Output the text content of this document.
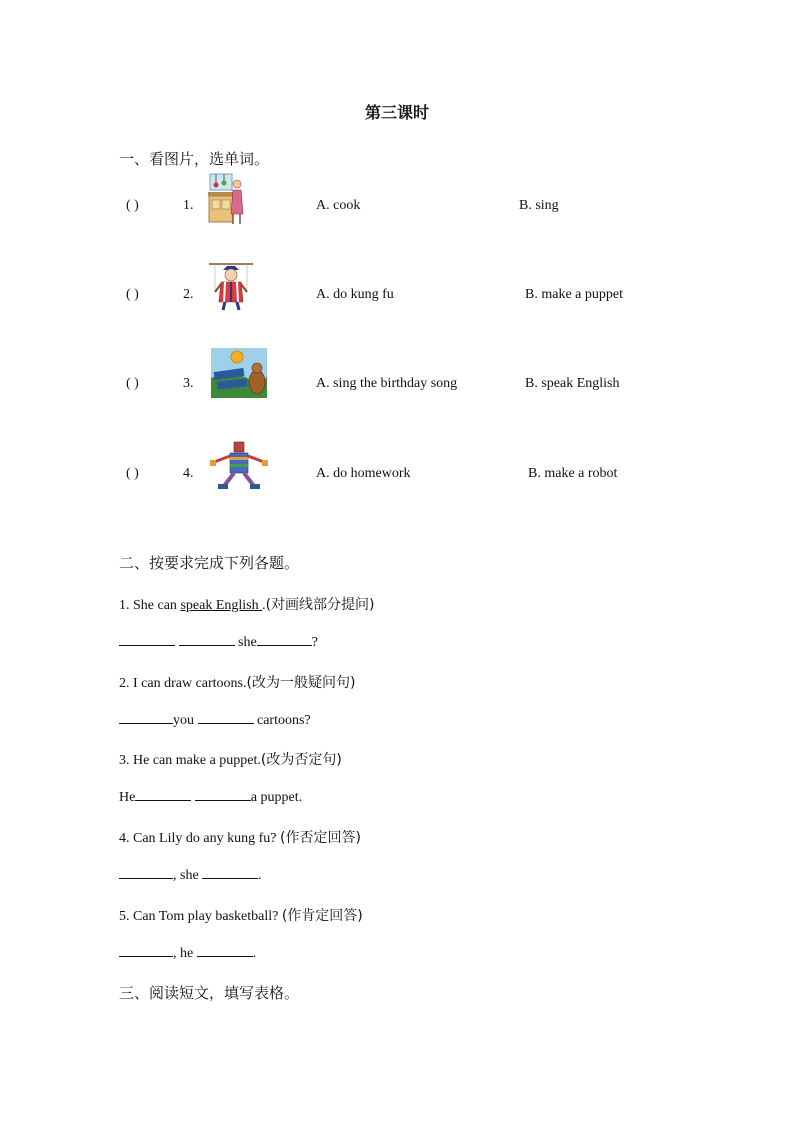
第三课时
一、看图片，选单词。
( )	1.	A. cook	B. sing
( )	2.	A. do kung fu	B. make a puppet
( )	3.	A. sing the birthday song	B. speak English
( )	4.	A. do homework	B. make a robot
二、按要求完成下列各题。
1. She can speak English .(对画线部分提问)
she	?
2. I can draw cartoons.(改为一般疑问句)
you	cartoons?
3. He can make a puppet.(改为否定句)
He	a puppet.
4. Can Lily do any kung fu? (作否定回答)
, she	.
5. Can Tom play basketball? (作肯定回答)
, he	.
三、阅读短文，填写表格。
